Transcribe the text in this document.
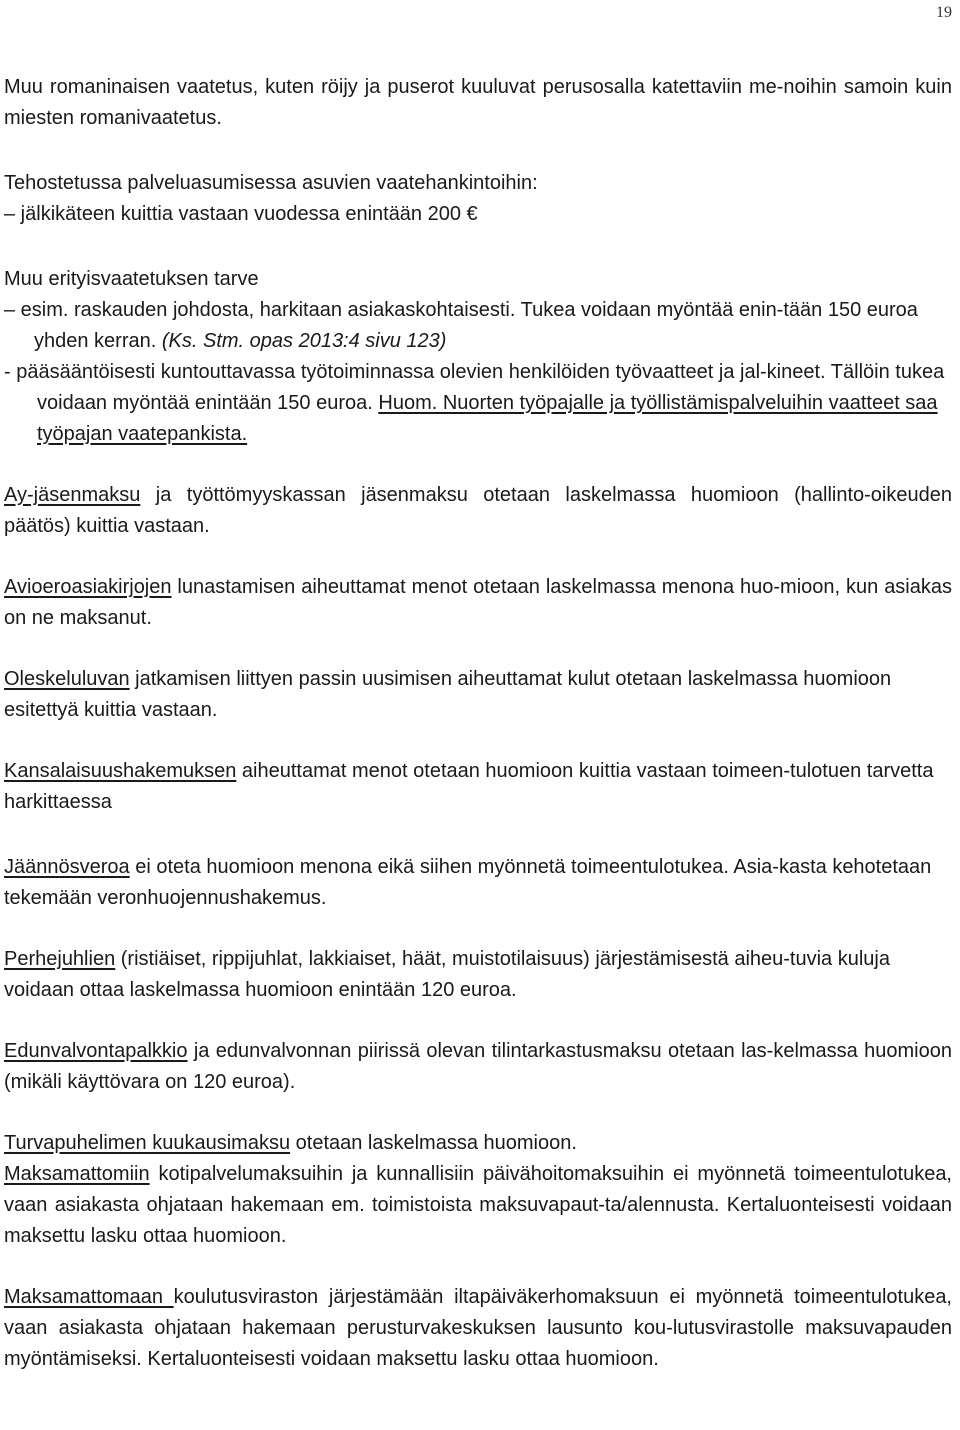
19

Muu romaninaisen vaatetus, kuten röijy ja puserot kuuluvat perusosalla katettaviin me-noihin samoin kuin miesten romanivaatetus.

Tehostetussa palveluasumisessa asuvien vaatehankintoihin:

– jälkikäteen kuittia vastaan vuodessa enintään 200 €

Muu erityisvaatetuksen tarve

– esim. raskauden johdosta, harkitaan asiakaskohtaisesti. Tukea voidaan myöntää enin-tään 150 euroa yhden kerran. (Ks. Stm. opas 2013:4 sivu 123)

- pääsääntöisesti kuntouttavassa työtoiminnassa olevien henkilöiden työvaatteet ja jal-kineet. Tällöin tukea voidaan myöntää enintään 150 euroa. Huom. Nuorten työpajalle ja työllistämispalveluihin vaatteet saa työpajan vaatepankista.

Ay-jäsenmaksu ja työttömyyskassan jäsenmaksu otetaan laskelmassa huomioon (hallinto-oikeuden päätös) kuittia vastaan.

Avioeroasiakirjojen lunastamisen aiheuttamat menot otetaan laskelmassa menona huo-mioon, kun asiakas on ne maksanut.

Oleskeluluvan jatkamisen liittyen passin uusimisen aiheuttamat kulut otetaan laskelmassa huomioon esitettyä kuittia vastaan.

Kansalaisuushakemuksen aiheuttamat menot otetaan huomioon kuittia vastaan toimeen-tulotuen tarvetta harkittaessa

Jäännösveroa ei oteta huomioon menona eikä siihen myönnetä toimeentulotukea. Asia-kasta kehotetaan tekemään veronhuojennushakemus.

Perhejuhlien (ristiäiset, rippijuhlat, lakkiaiset, häät, muistotilaisuus) järjestämisestä aiheu-tuvia kuluja voidaan ottaa laskelmassa huomioon enintään 120 euroa.

Edunvalvontapalkkio ja edunvalvonnan piirissä olevan tilintarkastusmaksu otetaan las-kelmassa huomioon (mikäli käyttövara on 120 euroa).

Turvapuhelimen kuukausimaksu otetaan laskelmassa huomioon.

Maksamattomiin kotipalvelumaksuihin ja kunnallisiin päivähoitomaksuihin ei myönnetä toimeentulotukea, vaan asiakasta ohjataan hakemaan em. toimistoista maksuvapaut-ta/alennusta. Kertaluonteisesti voidaan maksettu lasku ottaa huomioon.

Maksamattomaan koulutusviraston järjestämään iltapäiväkerhomaksuun ei myönnetä toimeentulotukea, vaan asiakasta ohjataan hakemaan perusturvakeskuksen lausunto kou-lutusvirastolle maksuvapauden myöntämiseksi. Kertaluonteisesti voidaan maksettu lasku ottaa huomioon.
